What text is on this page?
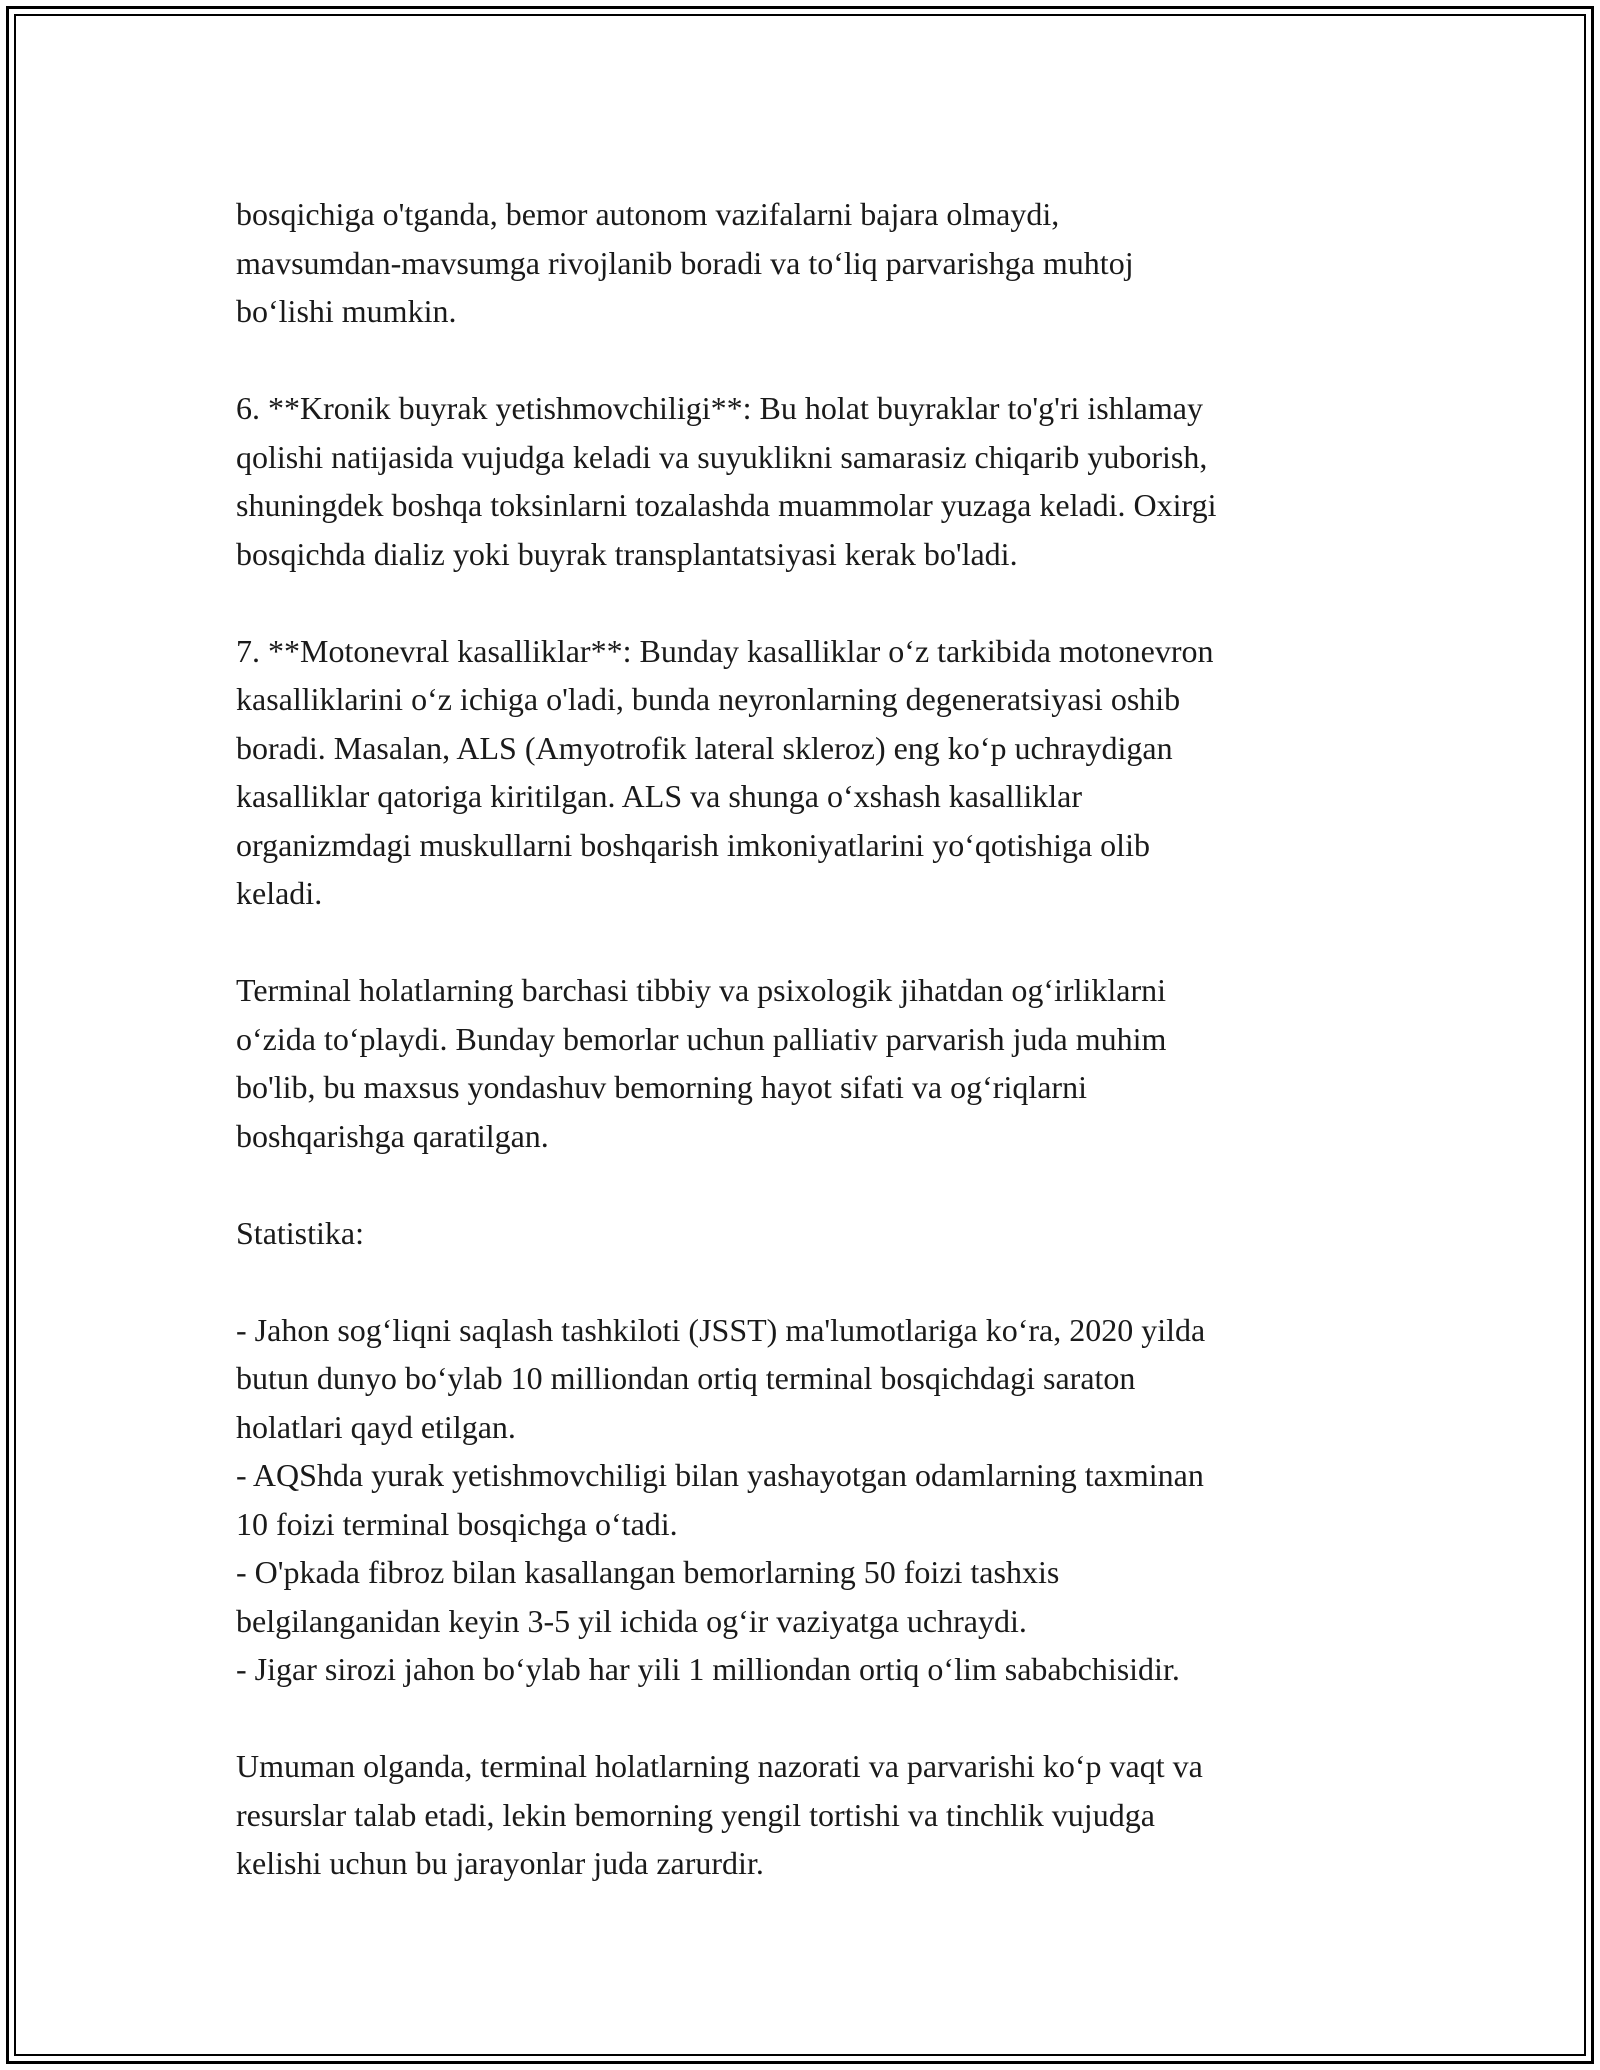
bosqichiga o'tganda, bemor autonom vazifalarni bajara olmaydi,
mavsumdan-mavsumga rivojlanib boradi va to‘liq parvarishga muhtoj
bo‘lishi mumkin.

6. **Kronik buyrak yetishmovchiligi**: Bu holat buyraklar to'g'ri ishlamay
qolishi natijasida vujudga keladi va suyuklikni samarasiz chiqarib yuborish,
shuningdek boshqa toksinlarni tozalashda muammolar yuzaga keladi. Oxirgi
bosqichda dializ yoki buyrak transplantatsiyasi kerak bo'ladi.

7. **Motonevral kasalliklar**: Bunday kasalliklar o‘z tarkibida motonevron
kasalliklarini o‘z ichiga o'ladi, bunda neyronlarning degeneratsiyasi oshib
boradi. Masalan, ALS (Amyotrofik lateral skleroz) eng ko‘p uchraydigan
kasalliklar qatoriga kiritilgan. ALS va shunga o‘xshash kasalliklar
organizmdagi muskullarni boshqarish imkoniyatlarini yo‘qotishiga olib
keladi.

Terminal holatlarning barchasi tibbiy va psixologik jihatdan og‘irliklarni
o‘zida to‘playdi. Bunday bemorlar uchun palliativ parvarish juda muhim
bo'lib, bu maxsus yondashuv bemorning hayot sifati va og‘riqlarni
boshqarishga qaratilgan.

Statistika:

- Jahon sog‘liqni saqlash tashkiloti (JSST) ma'lumotlariga ko‘ra, 2020 yilda
butun dunyo bo‘ylab 10 milliondan ortiq terminal bosqichdagi saraton
holatlari qayd etilgan.
- AQShda yurak yetishmovchiligi bilan yashayotgan odamlarning taxminan
10 foizi terminal bosqichga o‘tadi.
- O'pkada fibroz bilan kasallangan bemorlarning 50 foizi tashxis
belgilanganidan keyin 3-5 yil ichida og‘ir vaziyatga uchraydi.
- Jigar sirozi jahon bo‘ylab har yili 1 milliondan ortiq o‘lim sababchisidir.

Umuman olganda, terminal holatlarning nazorati va parvarishi ko‘p vaqt va
resurslar talab etadi, lekin bemorning yengil tortishi va tinchlik vujudga
kelishi uchun bu jarayonlar juda zarurdir.
